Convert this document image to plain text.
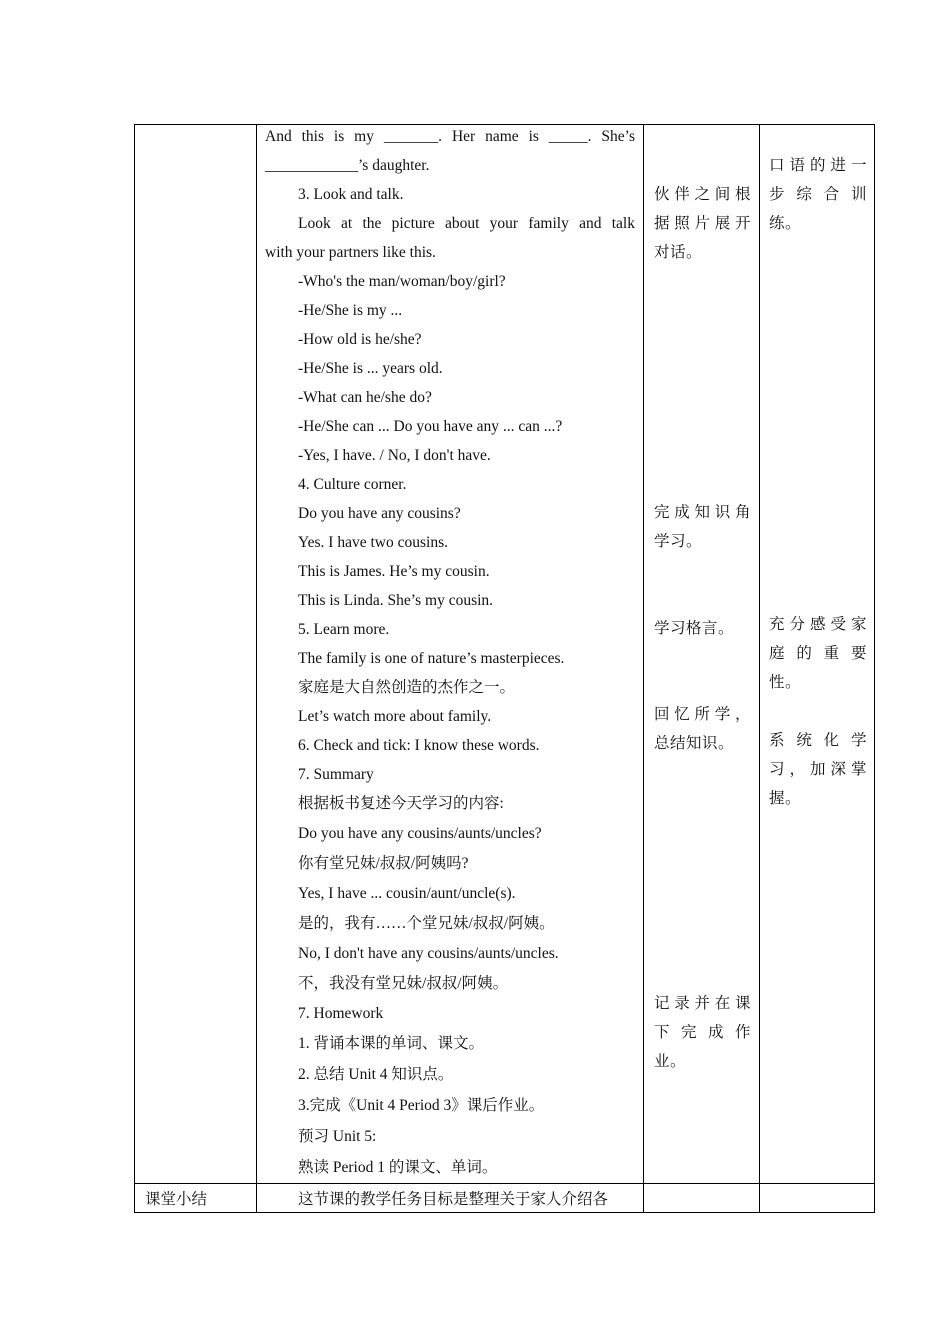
And this is my _______. Her name is _____. She’s
____________’s daughter.
3. Look and talk.
Look at the picture about your family and talk
with your partners like this.
-Who's the man/woman/boy/girl?
-He/She is my ...
-How old is he/she?
-He/She is ... years old.
-What can he/she do?
-He/She can ... Do you have any ... can ...?
-Yes, I have. / No, I don't have.
4. Culture corner.
Do you have any cousins?
Yes. I have two cousins.
This is James. He’s my cousin.
This is Linda. She’s my cousin.
5. Learn more.
The family is one of nature’s masterpieces.
家庭是大自然创造的杰作之一。
Let’s watch more about family.
6. Check and tick: I know these words.
7. Summary
根据板书复述今天学习的内容:
Do you have any cousins/aunts/uncles?
你有堂兄妹/叔叔/阿姨吗?
Yes, I have ... cousin/aunt/uncle(s).
是的，我有……个堂兄妹/叔叔/阿姨。
No, I don't have any cousins/aunts/uncles.
不，我没有堂兄妹/叔叔/阿姨。
7. Homework
1. 背诵本课的单词、课文。
2. 总结 Unit 4 知识点。
3.完成《Unit 4 Period 3》课后作业。
预习 Unit 5:
熟读 Period 1 的课文、单词。
伙伴之间根
据照片展开
对话。
完成知识角
学习。
学习格言。
回忆所学，
总结知识。
记录并在课
下 完 成 作
业。
口语的进一
步 综 合 训
练。
充分感受家
庭 的 重 要
性。
系 统 化 学
习，加深掌
握。
课堂小结	这节课的教学任务目标是整理关于家人介绍各
